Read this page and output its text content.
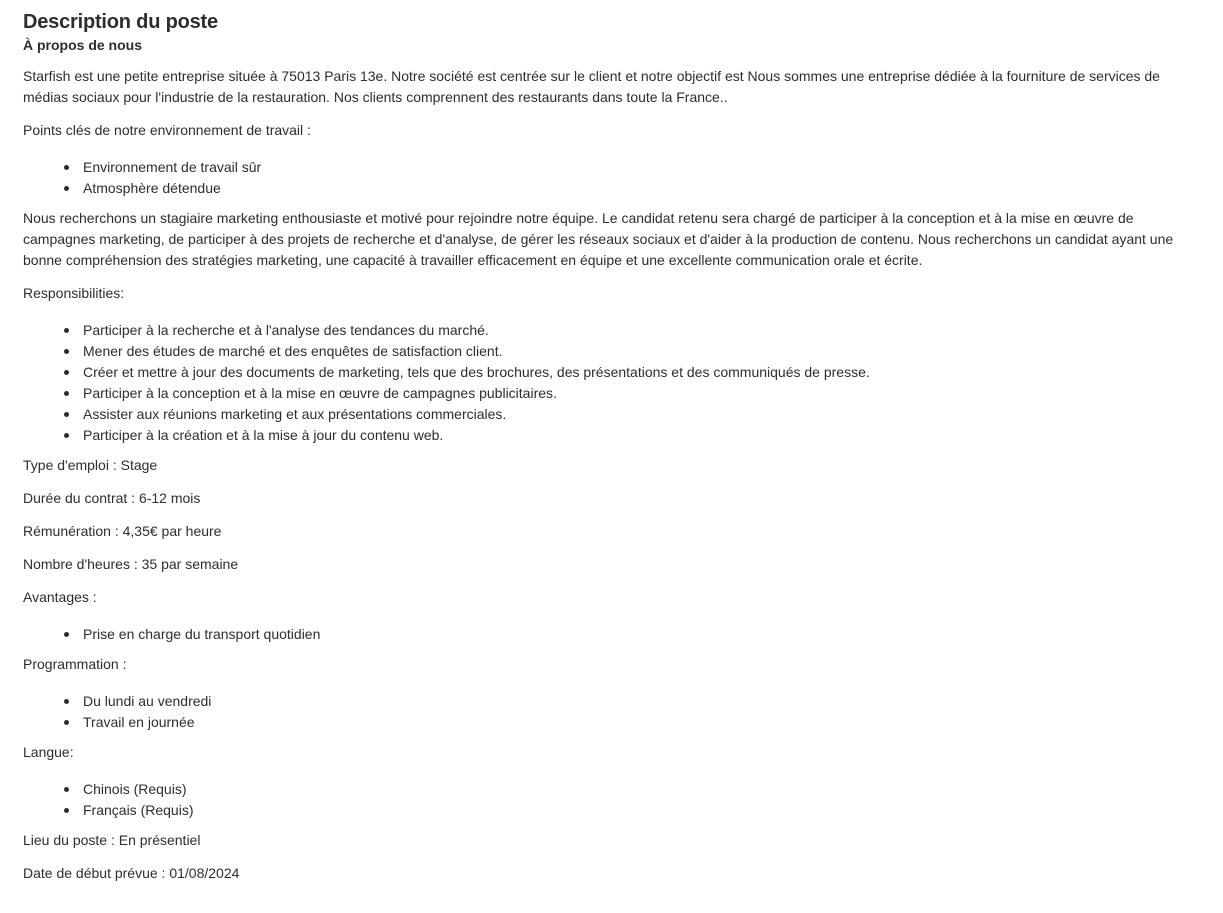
Description du poste
À propos de nous

Starfish est une petite entreprise située à 75013 Paris 13e. Notre société est centrée sur le client et notre objectif est Nous sommes une entreprise dédiée à la fourniture de services de médias sociaux pour l'industrie de la restauration. Nos clients comprennent des restaurants dans toute la France..

Points clés de notre environnement de travail :

Environnement de travail sûr
Atmosphère détendue

Nous recherchons un stagiaire marketing enthousiaste et motivé pour rejoindre notre équipe. Le candidat retenu sera chargé de participer à la conception et à la mise en œuvre de campagnes marketing, de participer à des projets de recherche et d'analyse, de gérer les réseaux sociaux et d'aider à la production de contenu. Nous recherchons un candidat ayant une bonne compréhension des stratégies marketing, une capacité à travailler efficacement en équipe et une excellente communication orale et écrite.

Responsibilities:

Participer à la recherche et à l'analyse des tendances du marché.
Mener des études de marché et des enquêtes de satisfaction client.
Créer et mettre à jour des documents de marketing, tels que des brochures, des présentations et des communiqués de presse.
Participer à la conception et à la mise en œuvre de campagnes publicitaires.
Assister aux réunions marketing et aux présentations commerciales.
Participer à la création et à la mise à jour du contenu web.

Type d'emploi : Stage

Durée du contrat : 6-12 mois

Rémunération : 4,35€ par heure

Nombre d'heures : 35 par semaine

Avantages :

Prise en charge du transport quotidien

Programmation :

Du lundi au vendredi
Travail en journée

Langue:

Chinois (Requis)
Français (Requis)

Lieu du poste : En présentiel

Date de début prévue : 01/08/2024
